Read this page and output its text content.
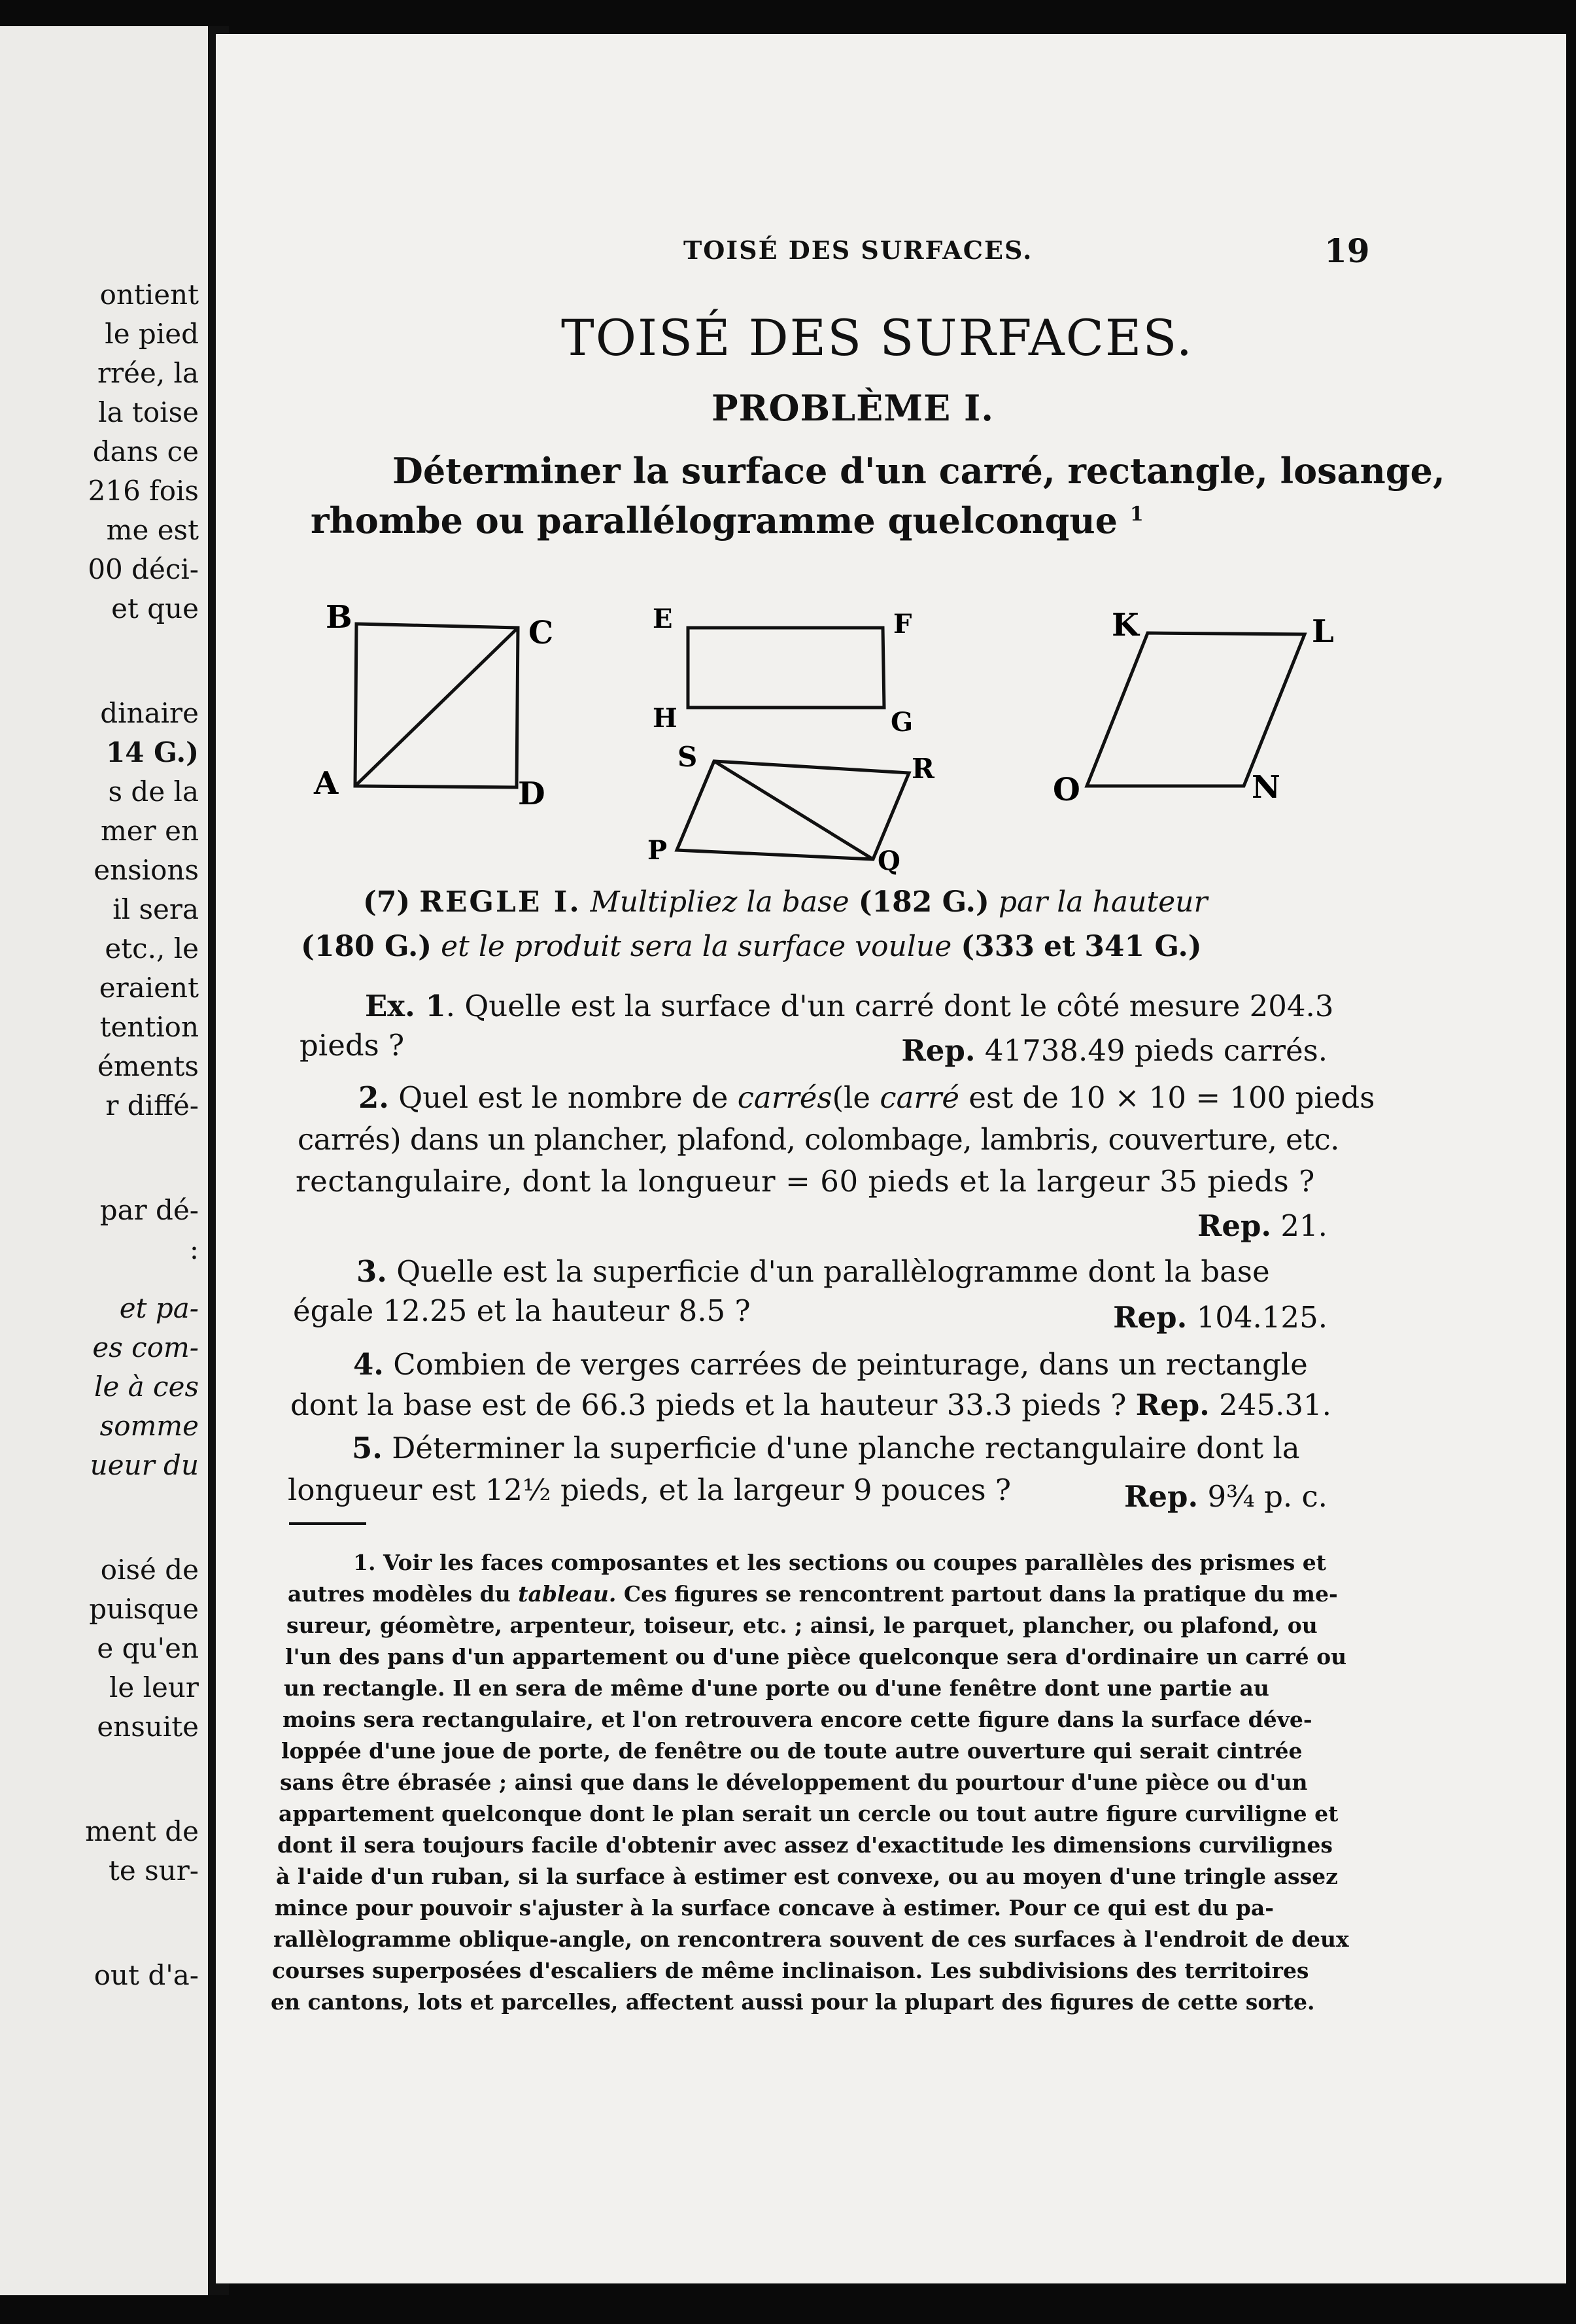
ontient
le pied
rrée, la
la toise
dans ce
216 fois
me est
00 déci-
et que
dinaire
14 G.)
s de la
mer en
ensions
il sera
etc., le
eraient
tention
éments
r diffé-
par dé-
:
et pa-
es com-
le à ces
somme
ueur du
oisé de
puisque
e qu'en
le leur
ensuite
ment de
te sur-
out d'a-
TOISÉ DES SURFACES.	19
TOISÉ DES SURFACES.
PROBLÈME I.
Déterminer la surface d'un carré, rectangle, losange,
rhombe ou parallélogramme quelconque $^1$
B	C
A	D
E	F
H	G
S	R
P	Q
K	L
O	N
(7) REGLE I. Multipliez la base (182 G.) par la hauteur
(180 G.) et le produit sera la surface voulue (333 et 341 G.)
Ex. 1. Quelle est la surface d'un carré dont le côté mesure 204.3
pieds ?	Rep. 41738.49 pieds carrés.
2. Quel est le nombre de carrés(le carré est de 10 × 10 = 100 pieds
carrés) dans un plancher, plafond, colombage, lambris, couverture, etc.
rectangulaire, dont la longueur = 60 pieds et la largeur 35 pieds ?
Rep. 21.
3. Quelle est la superficie d'un parallèlogramme dont la base
égale 12.25 et la hauteur 8.5 ?	Rep. 104.125.
4. Combien de verges carrées de peinturage, dans un rectangle
dont la base est de 66.3 pieds et la hauteur 33.3 pieds ? Rep. 245.31.
5. Déterminer la superficie d'une planche rectangulaire dont la
longueur est 12½ pieds, et la largeur 9 pouces ?	Rep. 9¾ p. c.
1. Voir les faces composantes et les sections ou coupes parallèles des prismes et
autres modèles du tableau. Ces figures se rencontrent partout dans la pratique du me-
sureur, géomètre, arpenteur, toiseur, etc. ; ainsi, le parquet, plancher, ou plafond, ou
l'un des pans d'un appartement ou d'une pièce quelconque sera d'ordinaire un carré ou
un rectangle. Il en sera de même d'une porte ou d'une fenêtre dont une partie au
moins sera rectangulaire, et l'on retrouvera encore cette figure dans la surface déve-
loppée d'une joue de porte, de fenêtre ou de toute autre ouverture qui serait cintrée
sans être ébrasée ; ainsi que dans le développement du pourtour d'une pièce ou d'un
appartement quelconque dont le plan serait un cercle ou tout autre figure curviligne et
dont il sera toujours facile d'obtenir avec assez d'exactitude les dimensions curvilignes
à l'aide d'un ruban, si la surface à estimer est convexe, ou au moyen d'une tringle assez
mince pour pouvoir s'ajuster à la surface concave à estimer. Pour ce qui est du pa-
rallèlogramme oblique-angle, on rencontrera souvent de ces surfaces à l'endroit de deux
courses superposées d'escaliers de même inclinaison. Les subdivisions des territoires
en cantons, lots et parcelles, affectent aussi pour la plupart des figures de cette sorte.
